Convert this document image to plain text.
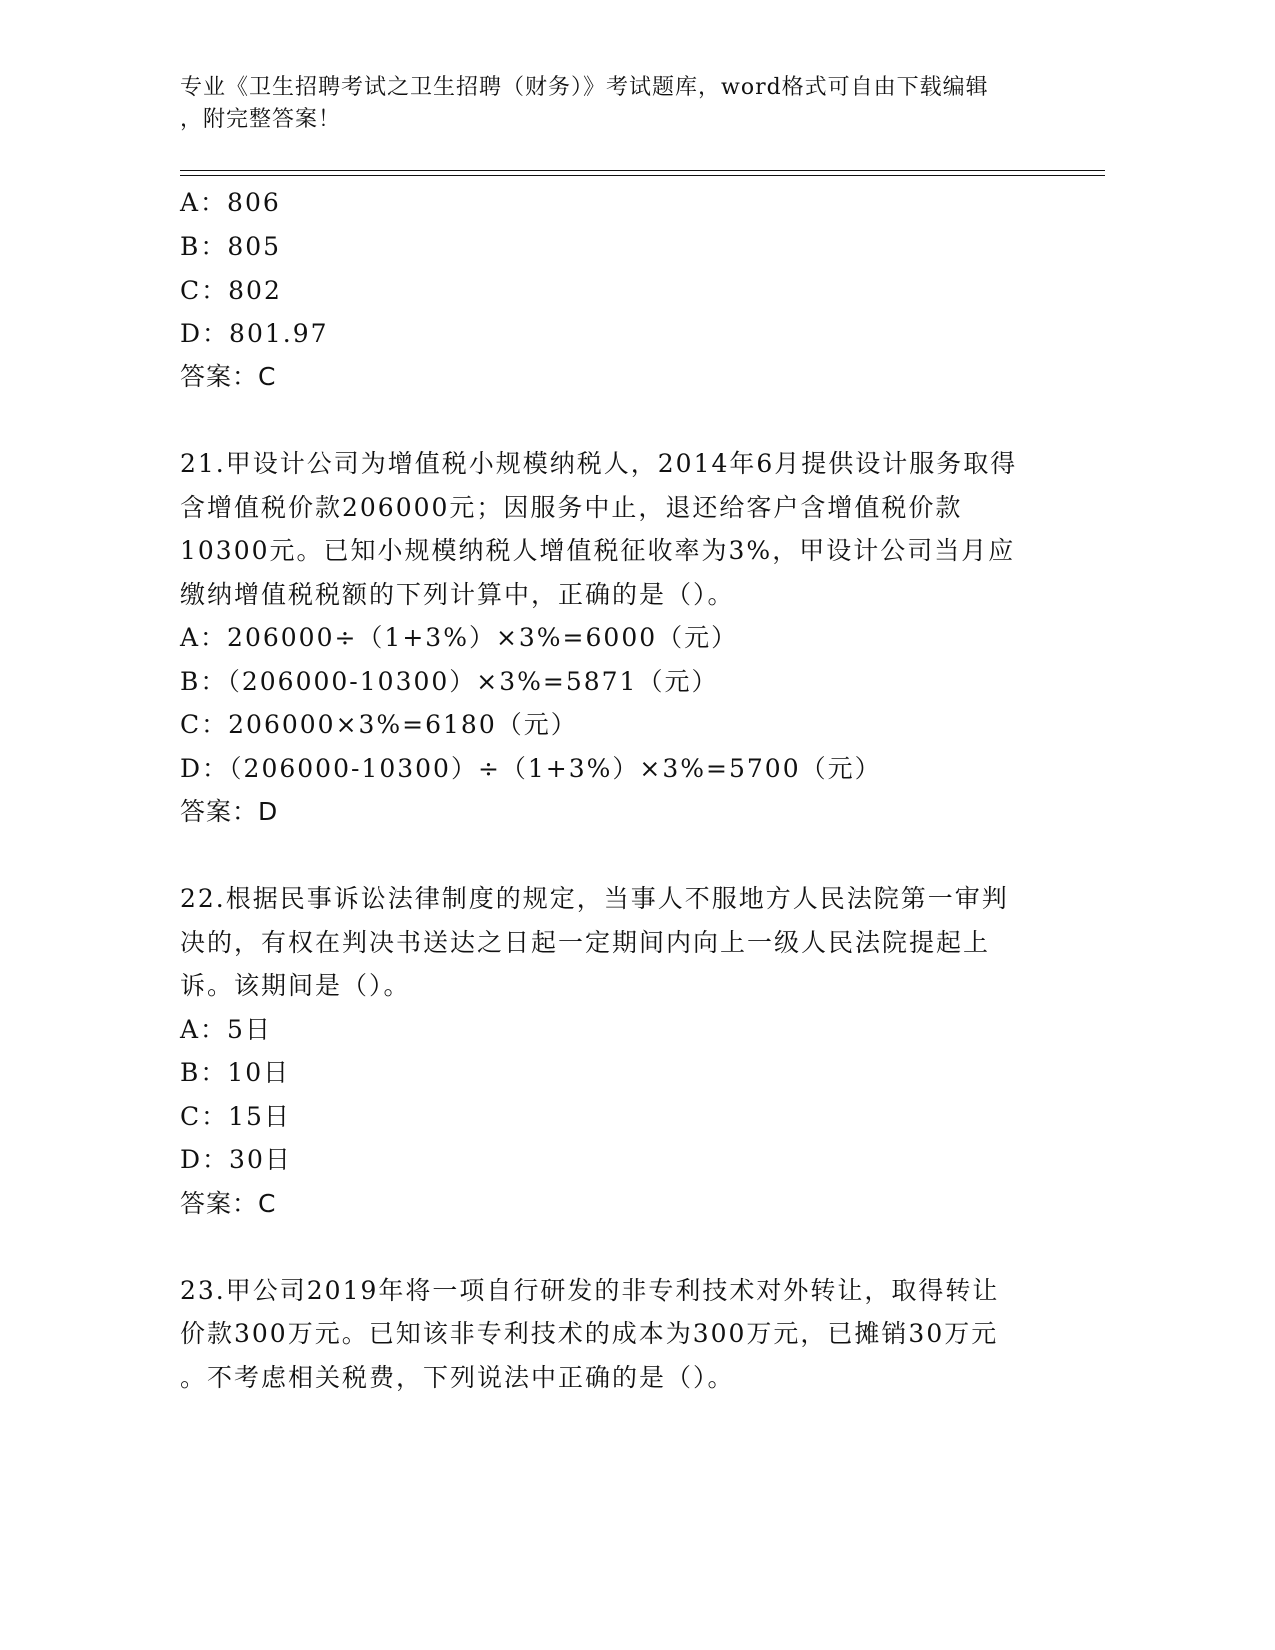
专业《卫生招聘考试之卫生招聘（财务）》考试题库，word格式可自由下载编辑
，附完整答案！
A：806
B：805
C：802
D：801.97
答案：C
21.甲设计公司为增值税小规模纳税人，2014年6月提供设计服务取得
含增值税价款206000元；因服务中止，退还给客户含增值税价款
10300元。已知小规模纳税人增值税征收率为3%，甲设计公司当月应
缴纳增值税税额的下列计算中，正确的是（）。
A：206000÷（1+3%）×3%=6000（元）
B：（206000-10300）×3%=5871（元）
C：206000×3%=6180（元）
D：（206000-10300）÷（1+3%）×3%=5700（元）
答案：D
22.根据民事诉讼法律制度的规定，当事人不服地方人民法院第一审判
决的，有权在判决书送达之日起一定期间内向上一级人民法院提起上
诉。该期间是（）。
A：5日
B：10日
C：15日
D：30日
答案：C
23.甲公司2019年将一项自行研发的非专利技术对外转让，取得转让
价款300万元。已知该非专利技术的成本为300万元，已摊销30万元
。不考虑相关税费，下列说法中正确的是（）。
